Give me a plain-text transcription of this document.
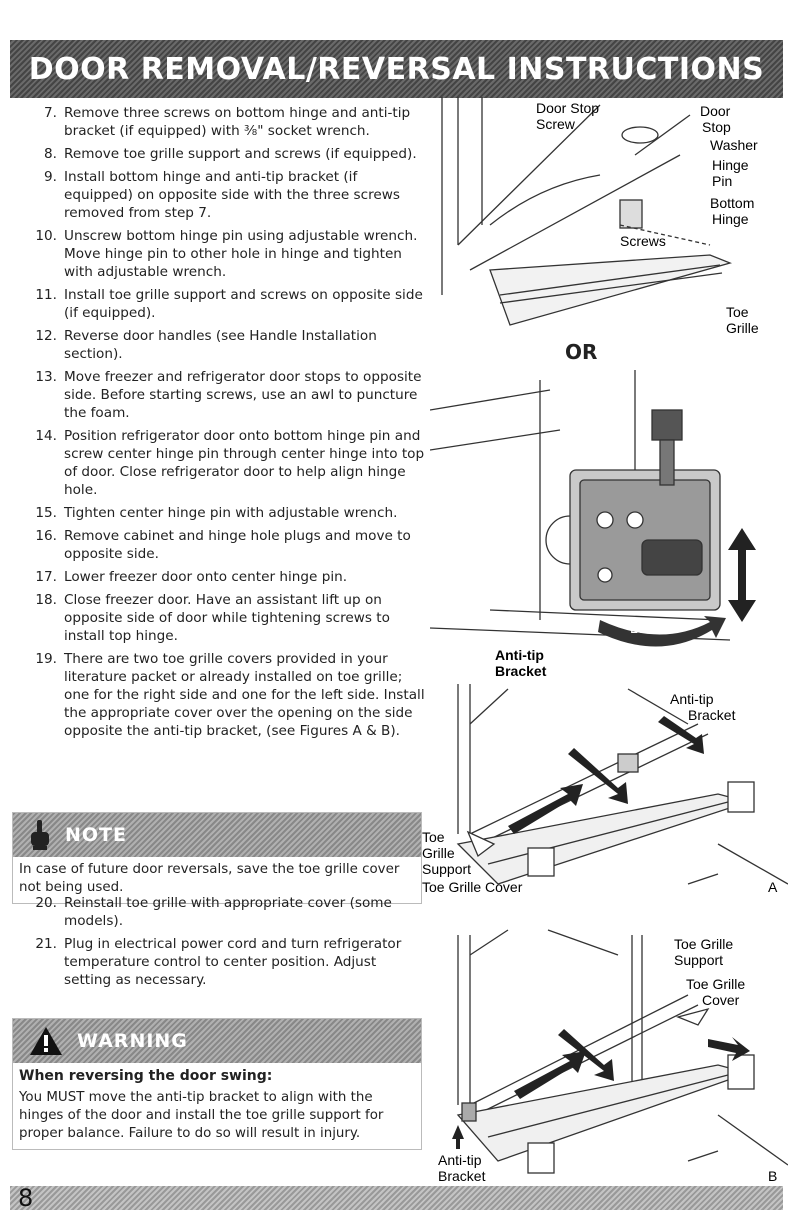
DOOR REMOVAL/REVERSAL INSTRUCTIONS
7. Remove three screws on bottom hinge and anti-tip bracket (if equipped) with ⅜" socket wrench.
8. Remove toe grille support and screws (if equipped).
9. Install bottom hinge and anti-tip bracket (if equipped) on opposite side with the three screws removed from step 7.
10. Unscrew bottom hinge pin using adjustable wrench. Move hinge pin to other hole in hinge and tighten with adjustable wrench.
11. Install toe grille support and screws on opposite side (if equipped).
12. Reverse door handles (see Handle Installation section).
13. Move freezer and refrigerator door stops to opposite side. Before starting screws, use an awl to puncture the foam.
14. Position refrigerator door onto bottom hinge pin and screw center hinge pin through center hinge into top of door. Close refrigerator door to help align hinge hole.
15. Tighten center hinge pin with adjustable wrench.
16. Remove cabinet and hinge hole plugs and move to opposite side.
17. Lower freezer door onto center hinge pin.
18. Close freezer door. Have an assistant lift up on opposite side of door while tightening screws to install top hinge.
19. There are two toe grille covers provided in your literature packet or already installed on toe grille; one for the right side and one for the left side. Install the appropriate cover over the opening on the side opposite the anti-tip bracket, (see Figures A & B).
NOTE
In case of future door reversals, save the toe grille cover not being used.
20. Reinstall toe grille with appropriate cover (some models).
21. Plug in electrical power cord and turn refrigerator temperature control to center position. Adjust setting as necessary.
WARNING
When reversing the door swing:
You MUST move the anti-tip bracket to align with the hinges of the door and install the toe grille support for proper balance. Failure to do so will result in injury.
Door Stop
Screw
Door
Stop
Washer
Hinge
Pin
Bottom
Hinge
Screws
Toe
Grille
OR
Lower
Anti-tip
Bracket
Anti-tip
Bracket
Toe
Grille
Support
Toe Grille Cover	A
Toe Grille
Support
Toe Grille
Cover
Anti-tip
Bracket	B
8
